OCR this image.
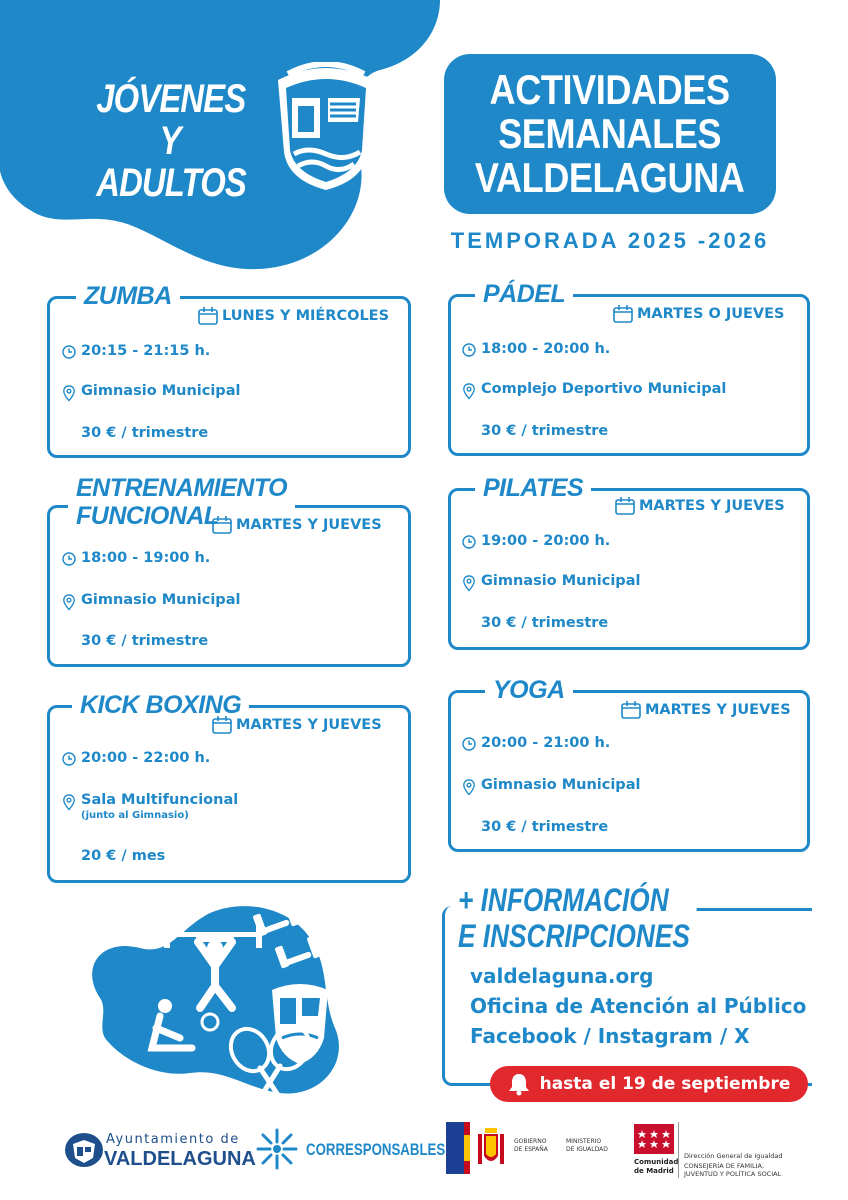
JÓVENES
Y ADULTOS
ACTIVIDADES
SEMANALES
VALDELAGUNA
TEMPORADA 2025 -2026
ZUMBA
LUNES Y MIÉRCOLES
20:15 - 21:15 h.
Gimnasio Municipal
30 € / trimestre
PÁDEL
MARTES O JUEVES
18:00 - 20:00 h.
Complejo Deportivo Municipal
30 € / trimestre
ENTRENAMIENTO
FUNCIONAL	MARTES Y JUEVES
18:00 - 19:00 h.
Gimnasio Municipal
30 € / trimestre
PILATES
MARTES Y JUEVES
19:00 - 20:00 h.
Gimnasio Municipal
30 € / trimestre
KICK BOXING
MARTES Y JUEVES
20:00 - 22:00 h.
Sala Multifuncional
(junto al Gimnasio)
20 € / mes
YOGA
MARTES Y JUEVES
20:00 - 21:00 h.
Gimnasio Municipal
30 € / trimestre
+ INFORMACIÓN
E INSCRIPCIONES
valdelaguna.org
Oficina de Atención al Público
Facebook / Instagram / X
hasta el 19 de septiembre
Ayuntamiento de
VALDELAGUNA	CORRESPONSABLES	GOBIERNO
DE ESPAÑA
MINISTERIO
DE IGUALDAD
Comunidad
de Madrid
Dirección General de Igualdad
CONSEJERÍA DE FAMILIA,
JUVENTUD Y POLÍTICA SOCIAL
